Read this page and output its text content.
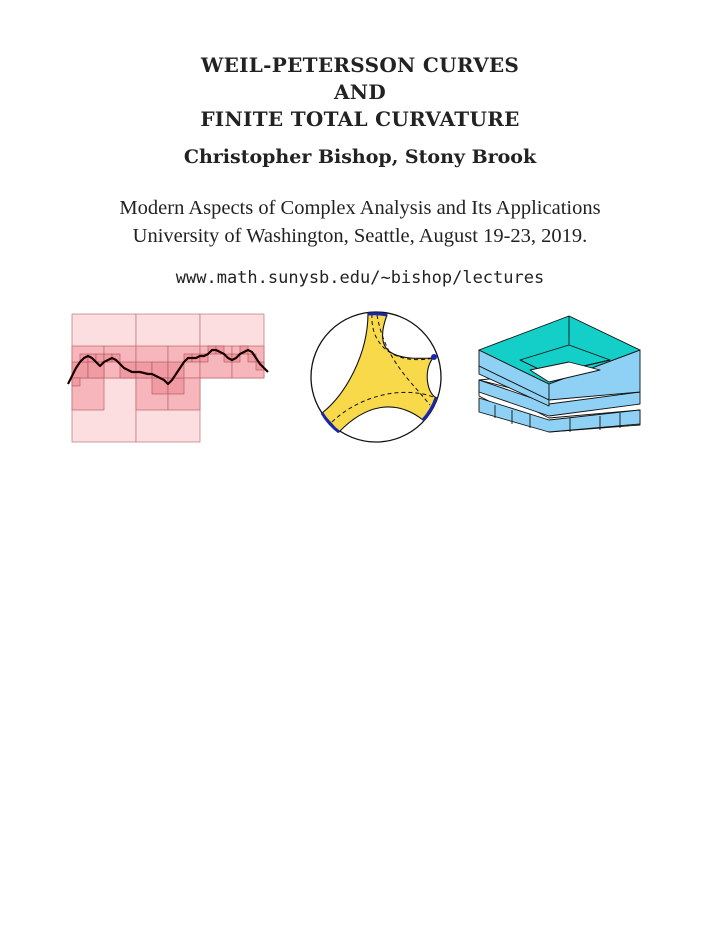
WEIL-PETERSSON CURVES
AND
FINITE TOTAL CURVATURE
Christopher Bishop, Stony Brook
Modern Aspects of Complex Analysis and Its Applications
University of Washington, Seattle, August 19-23, 2019.
www.math.sunysb.edu/~bishop/lectures
